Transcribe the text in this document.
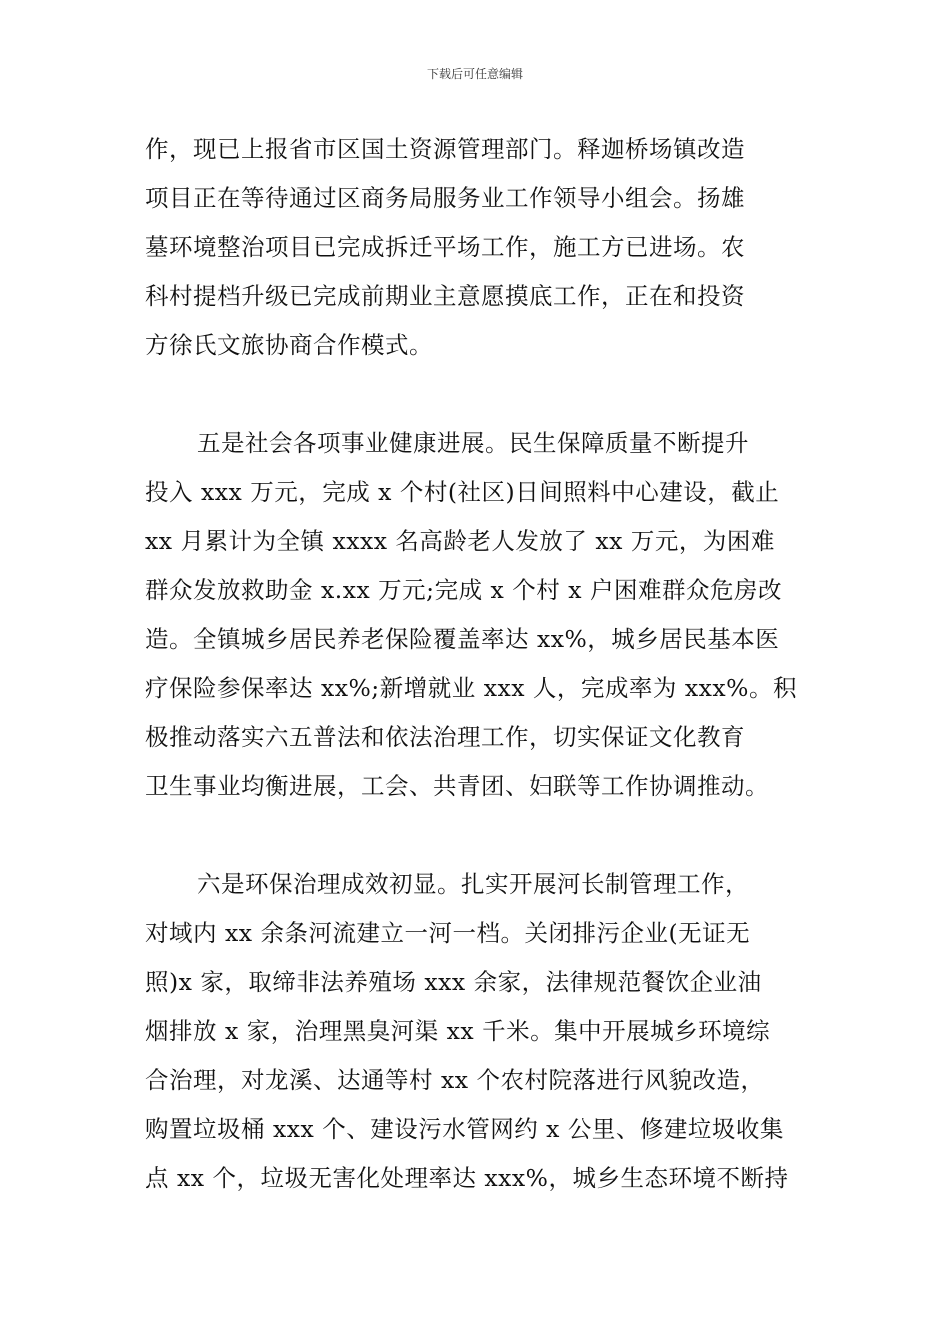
下载后可任意编辑
作，现已上报省市区国土资源管理部门。释迦桥场镇改造
项目正在等待通过区商务局服务业工作领导小组会。扬雄
墓环境整治项目已完成拆迁平场工作，施工方已进场。农
科村提档升级已完成前期业主意愿摸底工作，正在和投资
方徐氏文旅协商合作模式。
五是社会各项事业健康进展。民生保障质量不断提升
投入 xxx 万元，完成 x 个村(社区)日间照料中心建设，截止
xx 月累计为全镇 xxxx 名高龄老人发放了 xx 万元，为困难
群众发放救助金 x.xx 万元;完成 x 个村 x 户困难群众危房改
造。全镇城乡居民养老保险覆盖率达 xx%，城乡居民基本医
疗保险参保率达 xx%;新增就业 xxx 人，完成率为 xxx%。积
极推动落实六五普法和依法治理工作，切实保证文化教育
卫生事业均衡进展，工会、共青团、妇联等工作协调推动。
六是环保治理成效初显。扎实开展河长制管理工作，
对域内 xx 余条河流建立一河一档。关闭排污企业(无证无
照)x 家，取缔非法养殖场 xxx 余家，法律规范餐饮企业油
烟排放 x 家，治理黑臭河渠 xx 千米。集中开展城乡环境综
合治理，对龙溪、达通等村 xx 个农村院落进行风貌改造，
购置垃圾桶 xxx 个、建设污水管网约 x 公里、修建垃圾收集
点 xx 个，垃圾无害化处理率达 xxx%，城乡生态环境不断持
